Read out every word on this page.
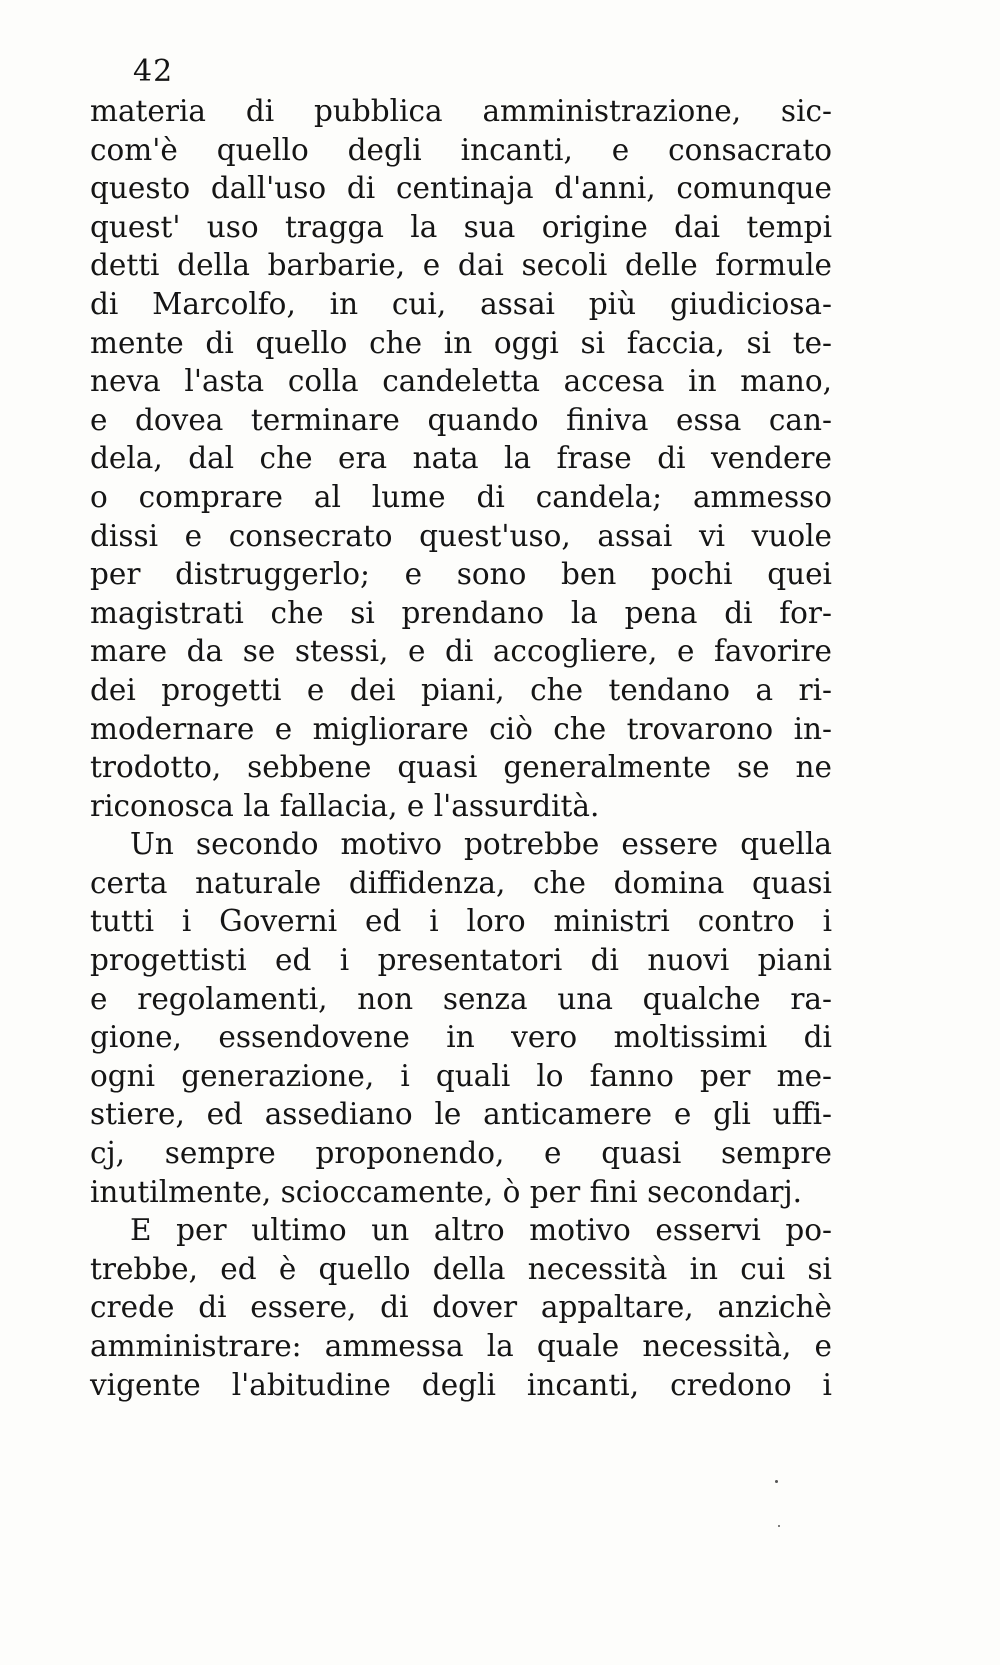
42
materia di pubblica amministrazione, sic-
com'è quello degli incanti, e consacrato
questo dall'uso di centinaja d'anni, comunque
quest' uso tragga la sua origine dai tempi
detti della barbarie, e dai secoli delle formule
di Marcolfo, in cui, assai più giudiciosa-
mente di quello che in oggi si faccia, si te-
neva l'asta colla candeletta accesa in mano,
e dovea terminare quando finiva essa can-
dela, dal che era nata la frase di vendere
o comprare al lume di candela; ammesso
dissi e consecrato quest'uso, assai vi vuole
per distruggerlo; e sono ben pochi quei
magistrati che si prendano la pena di for-
mare da se stessi, e di accogliere, e favorire
dei progetti e dei piani, che tendano a ri-
modernare e migliorare ciò che trovarono in-
trodotto, sebbene quasi generalmente se ne
riconosca la fallacia, e l'assurdità.
Un secondo motivo potrebbe essere quella
certa naturale diffidenza, che domina quasi
tutti i Governi ed i loro ministri contro i
progettisti ed i presentatori di nuovi piani
e regolamenti, non senza una qualche ra-
gione, essendovene in vero moltissimi di
ogni generazione, i quali lo fanno per me-
stiere, ed assediano le anticamere e gli uffi-
cj, sempre proponendo, e quasi sempre
inutilmente, scioccamente, ò per fini secondarj.
E per ultimo un altro motivo esservi po-
trebbe, ed è quello della necessità in cui si
crede di essere, di dover appaltare, anzichè
amministrare: ammessa la quale necessità, e
vigente l'abitudine degli incanti, credono i
